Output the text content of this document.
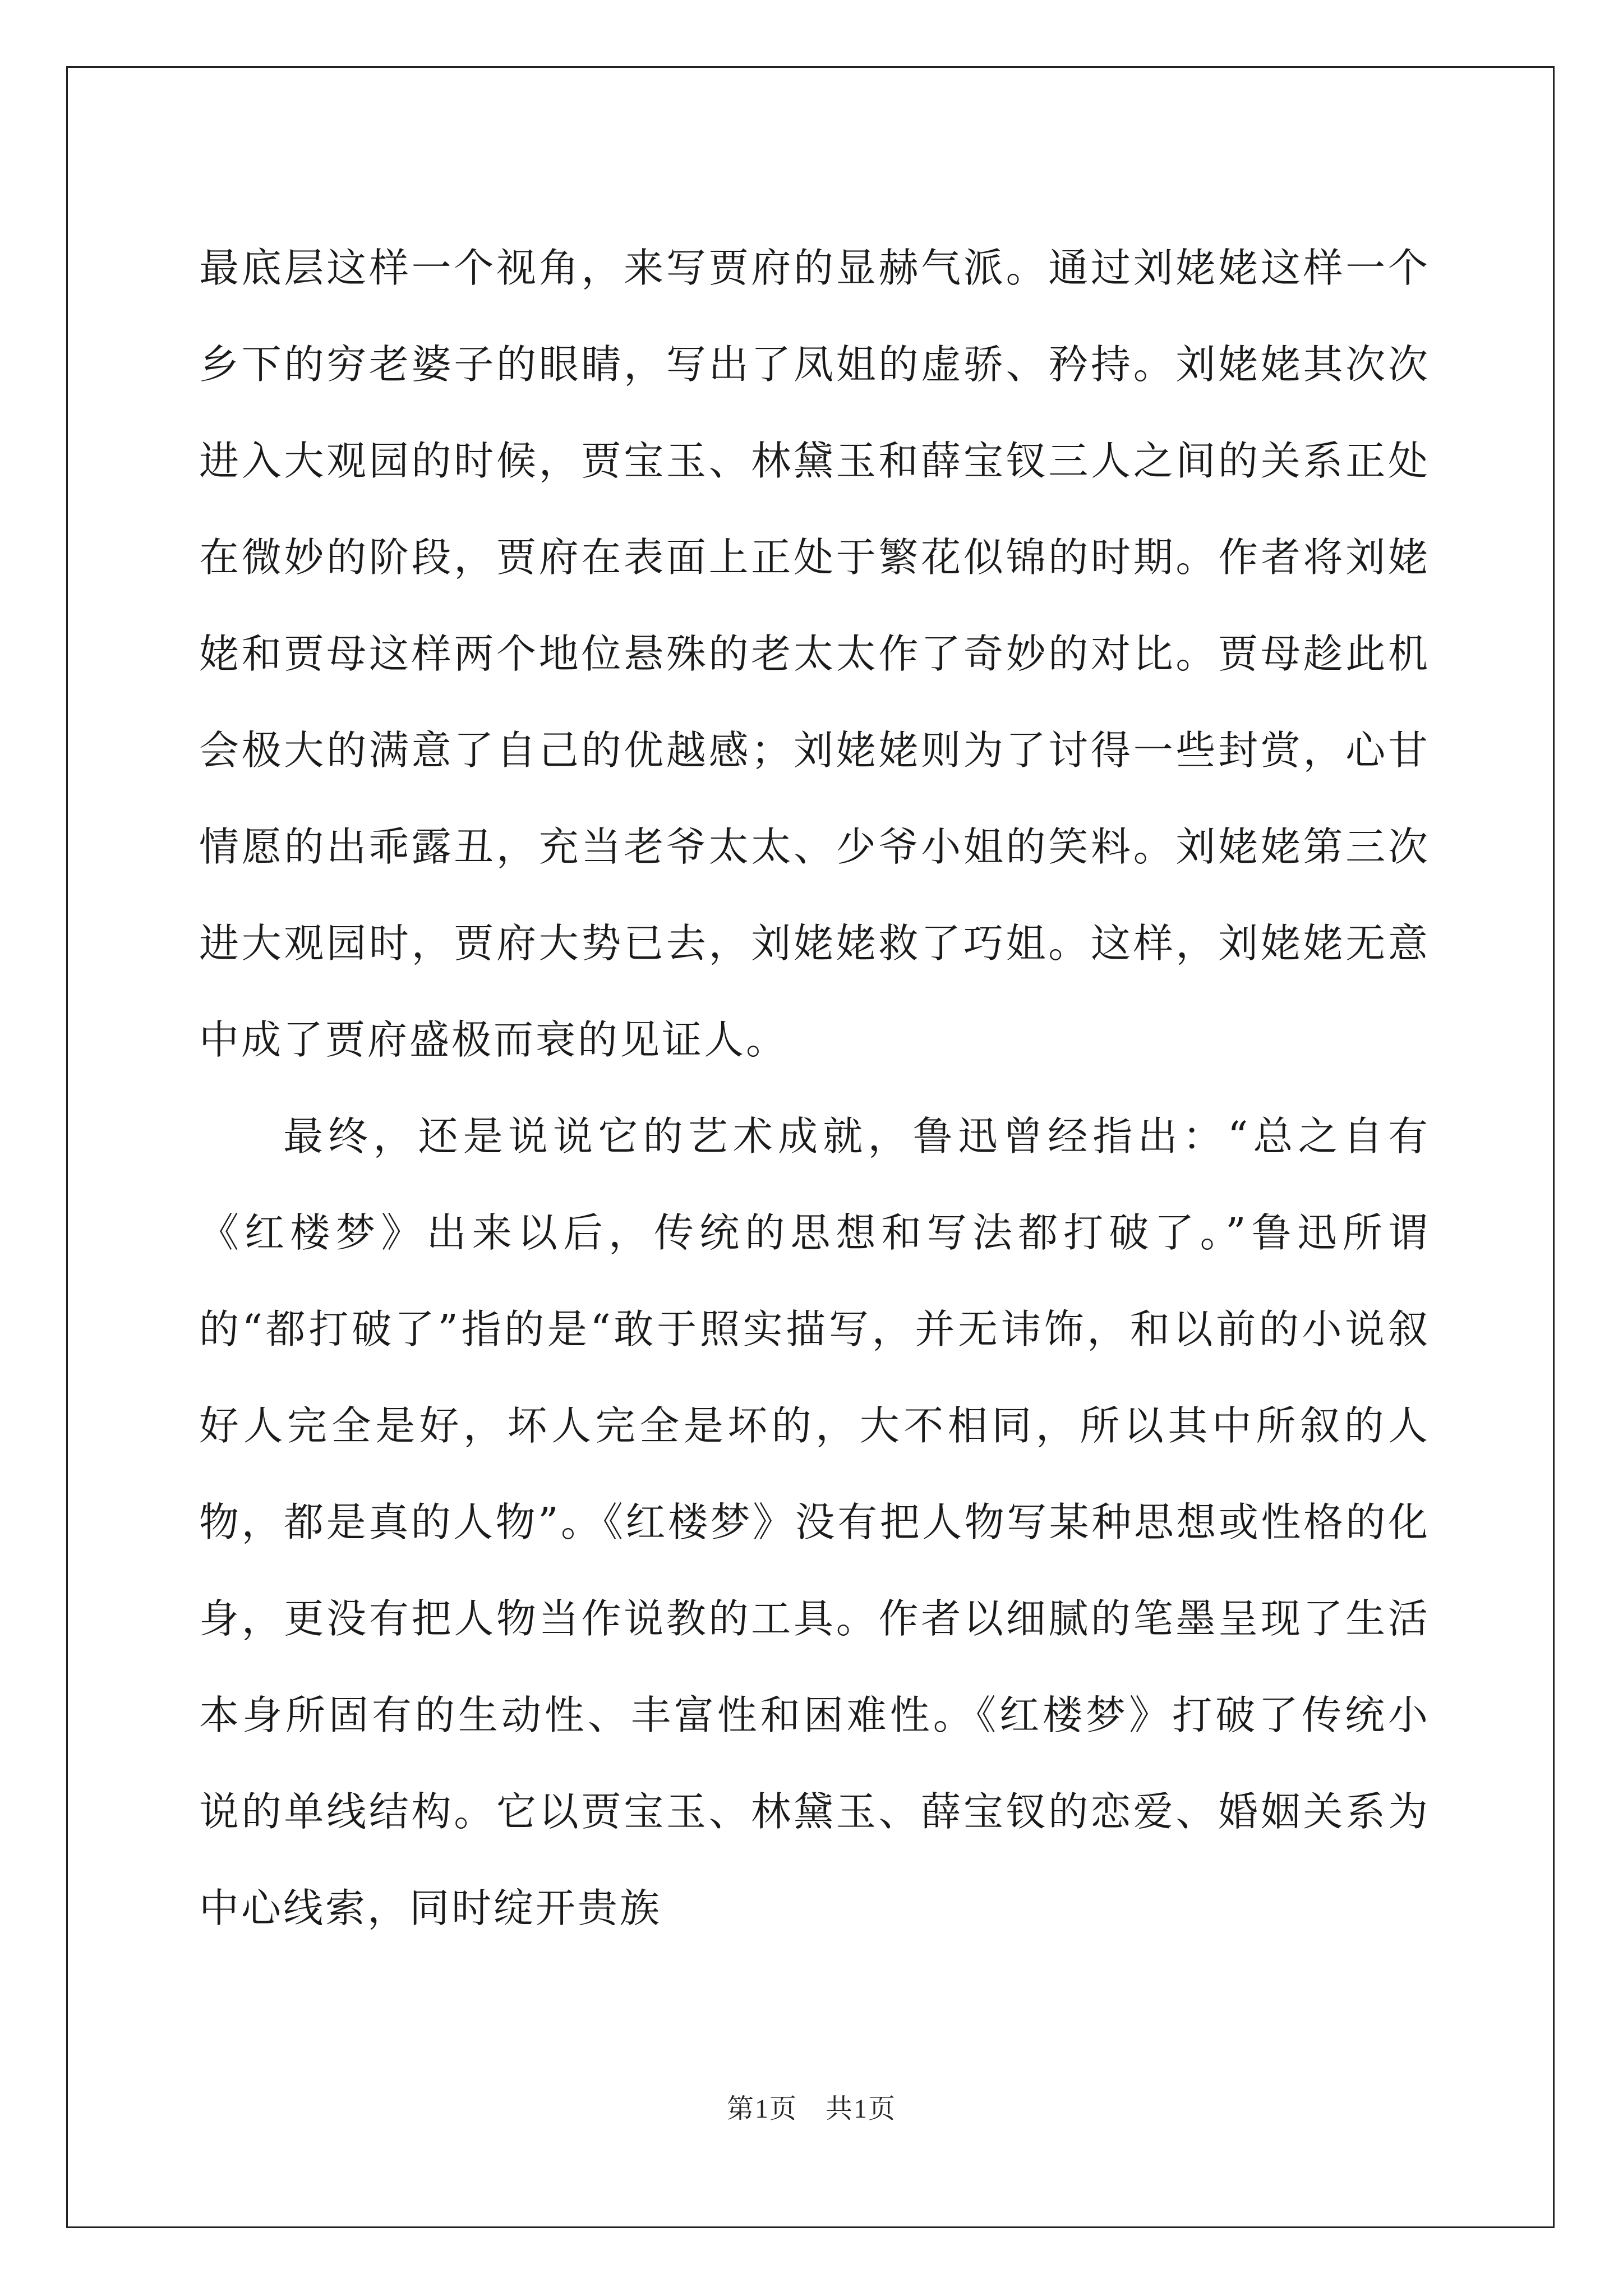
最底层这样一个视角，来写贾府的显赫气派。通过刘姥姥这样一个乡下的穷老婆子的眼睛，写出了凤姐的虚骄、矜持。刘姥姥其次次进入大观园的时候，贾宝玉、林黛玉和薛宝钗三人之间的关系正处在微妙的阶段，贾府在表面上正处于繁花似锦的时期。作者将刘姥姥和贾母这样两个地位悬殊的老太太作了奇妙的对比。贾母趁此机会极大的满意了自己的优越感；刘姥姥则为了讨得一些封赏，心甘情愿的出乖露丑，充当老爷太太、少爷小姐的笑料。刘姥姥第三次进大观园时，贾府大势已去，刘姥姥救了巧姐。这样，刘姥姥无意中成了贾府盛极而衰的见证人。

最终，还是说说它的艺术成就，鲁迅曾经指出：“总之自有《红楼梦》出来以后，传统的思想和写法都打破了。”鲁迅所谓的“都打破了”指的是“敢于照实描写，并无讳饰，和以前的小说叙好人完全是好，坏人完全是坏的，大不相同，所以其中所叙的人物，都是真的人物”。《红楼梦》没有把人物写某种思想或性格的化身，更没有把人物当作说教的工具。作者以细腻的笔墨呈现了生活本身所固有的生动性、丰富性和困难性。《红楼梦》打破了传统小说的单线结构。它以贾宝玉、林黛玉、薛宝钗的恋爱、婚姻关系为中心线索，同时绽开贵族

第1页 共1页
